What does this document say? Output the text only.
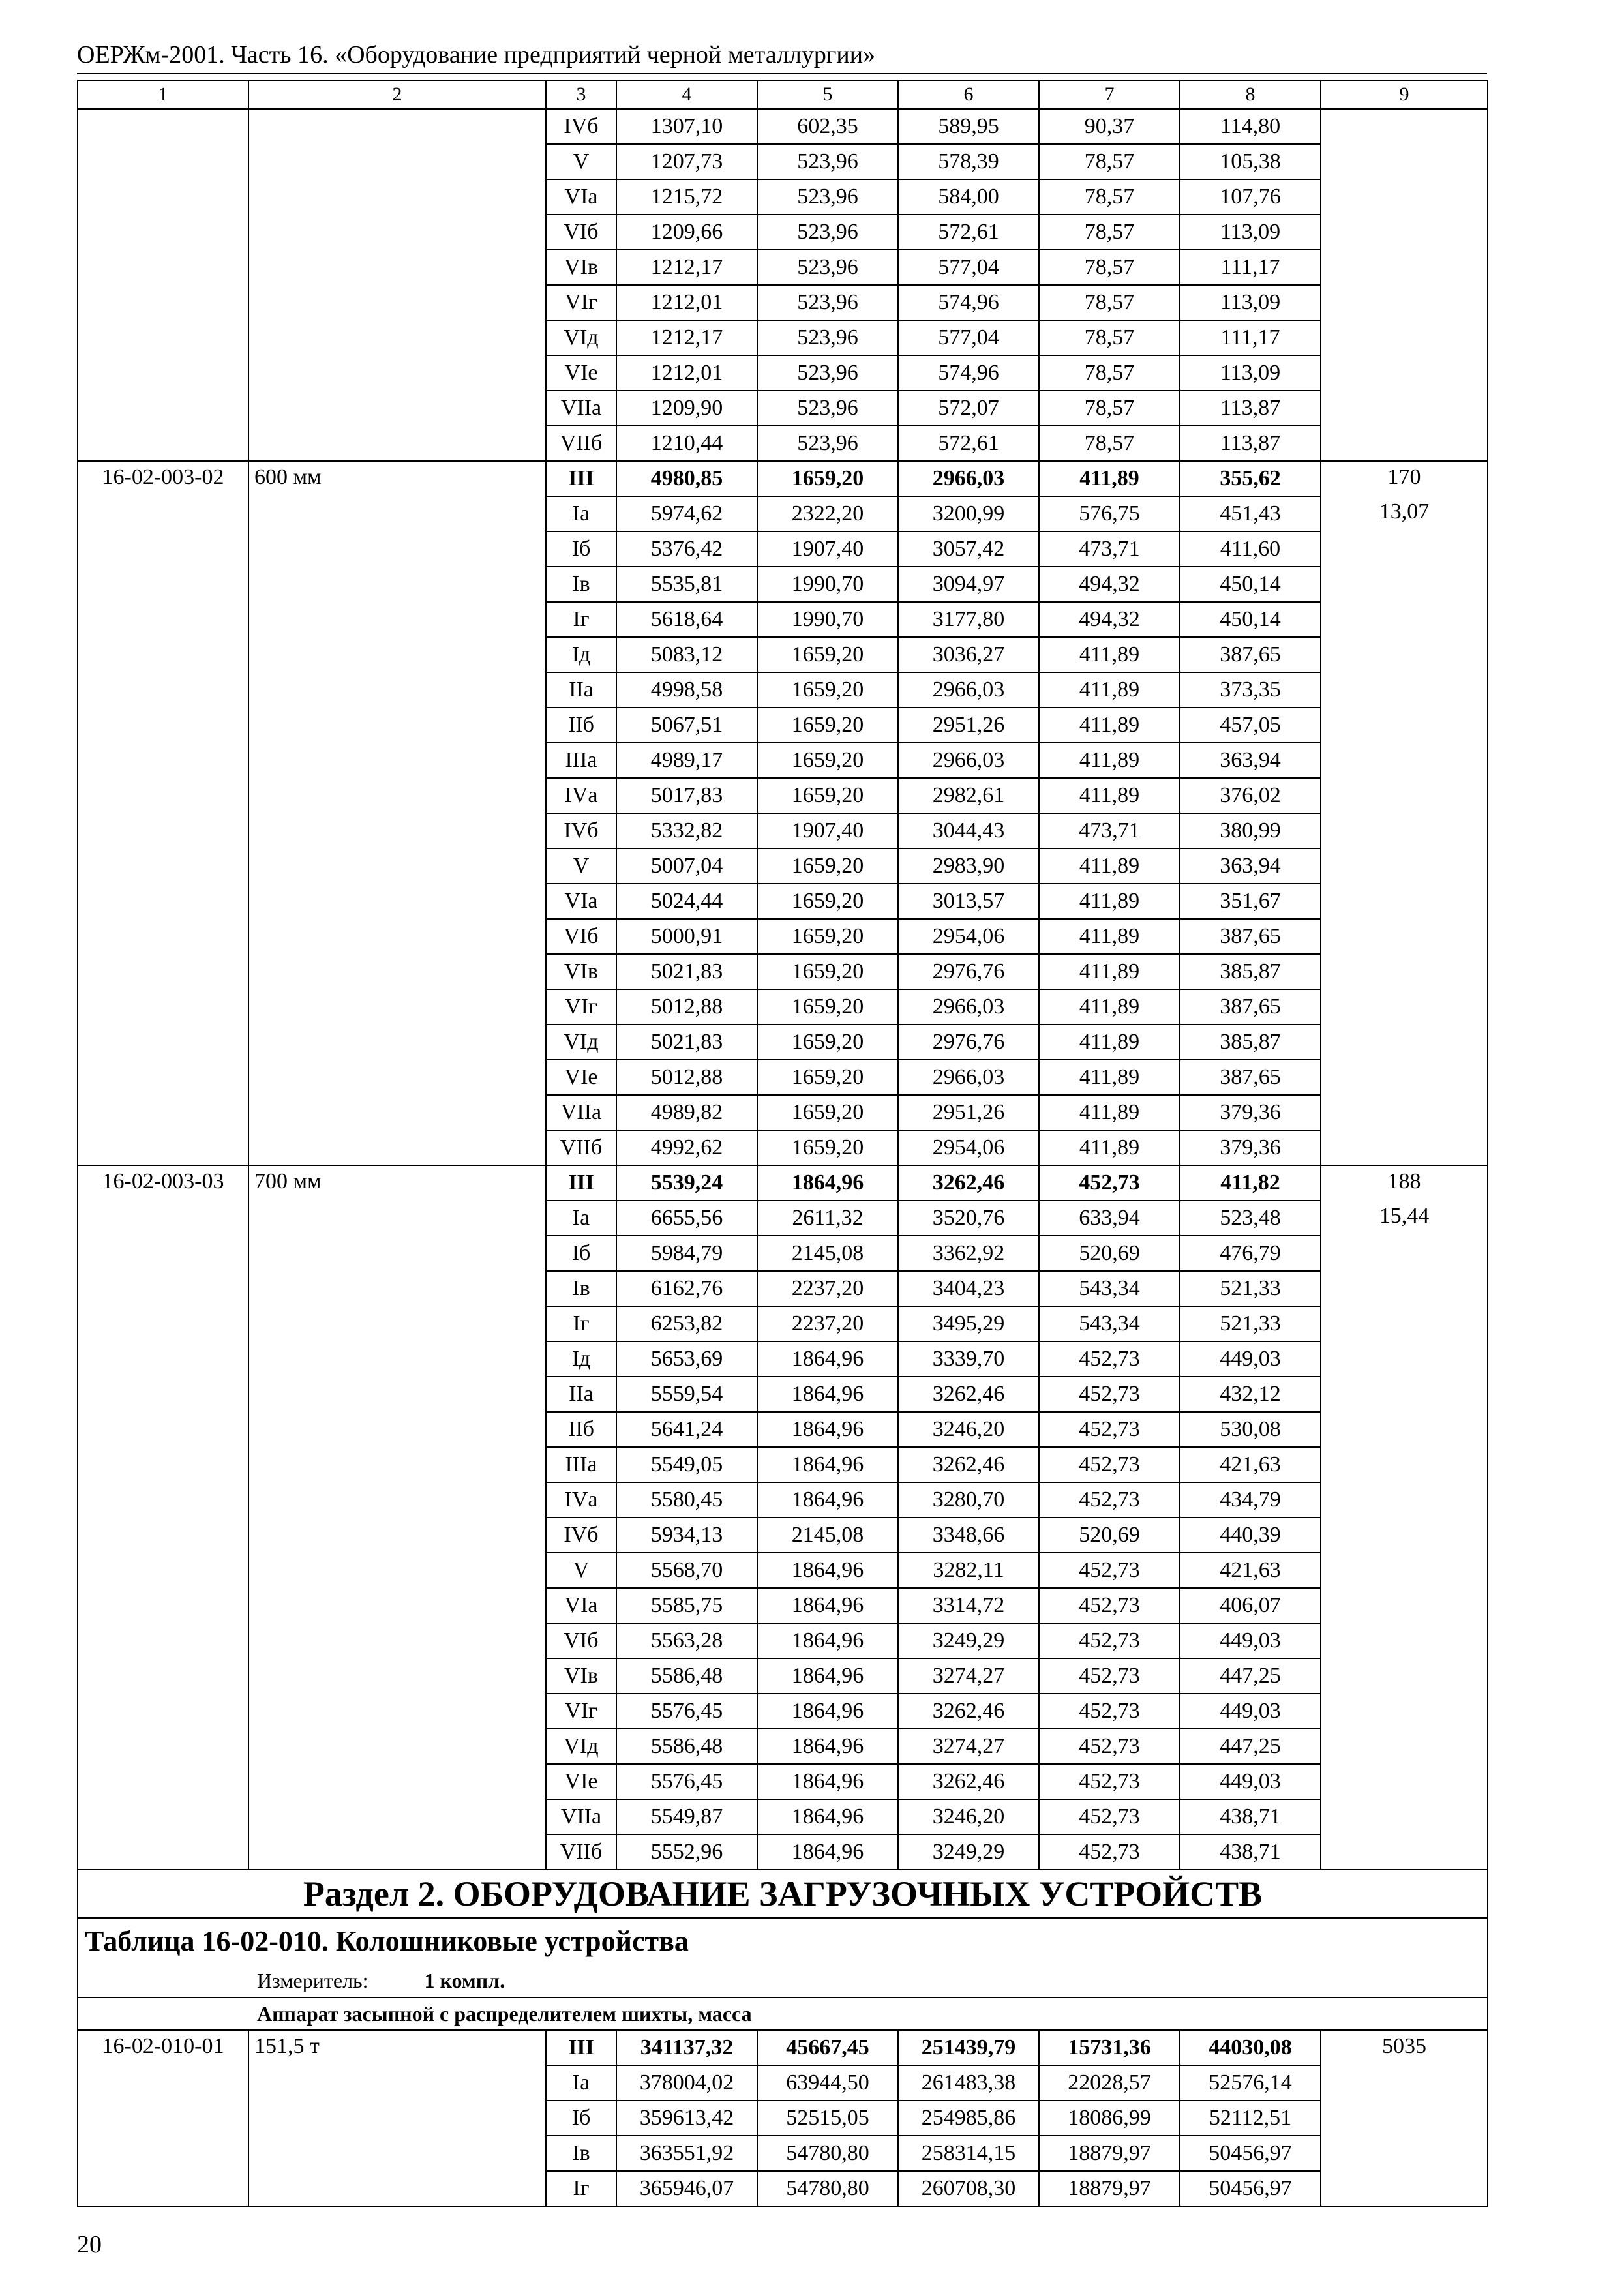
ОЕРЖм-2001. Часть 16. «Оборудование предприятий черной металлургии»
1	2	3	4	5	6	7	8	9
		IVб	1307,10	602,35	589,95	90,37	114,80	
		V	1207,73	523,96	578,39	78,57	105,38	
		VIа	1215,72	523,96	584,00	78,57	107,76	
		VIб	1209,66	523,96	572,61	78,57	113,09	
		VIв	1212,17	523,96	577,04	78,57	111,17	
		VIг	1212,01	523,96	574,96	78,57	113,09	
		VIд	1212,17	523,96	577,04	78,57	111,17	
		VIе	1212,01	523,96	574,96	78,57	113,09	
		VIIа	1209,90	523,96	572,07	78,57	113,87	
		VIIб	1210,44	523,96	572,61	78,57	113,87	
16-02-003-02	600 мм	III	4980,85	1659,20	2966,03	411,89	355,62	170
		Iа	5974,62	2322,20	3200,99	576,75	451,43	13,07
		Iб	5376,42	1907,40	3057,42	473,71	411,60	
		Iв	5535,81	1990,70	3094,97	494,32	450,14	
		Iг	5618,64	1990,70	3177,80	494,32	450,14	
		Iд	5083,12	1659,20	3036,27	411,89	387,65	
		IIа	4998,58	1659,20	2966,03	411,89	373,35	
		IIб	5067,51	1659,20	2951,26	411,89	457,05	
		IIIа	4989,17	1659,20	2966,03	411,89	363,94	
		IVа	5017,83	1659,20	2982,61	411,89	376,02	
		IVб	5332,82	1907,40	3044,43	473,71	380,99	
		V	5007,04	1659,20	2983,90	411,89	363,94	
		VIа	5024,44	1659,20	3013,57	411,89	351,67	
		VIб	5000,91	1659,20	2954,06	411,89	387,65	
		VIв	5021,83	1659,20	2976,76	411,89	385,87	
		VIг	5012,88	1659,20	2966,03	411,89	387,65	
		VIд	5021,83	1659,20	2976,76	411,89	385,87	
		VIе	5012,88	1659,20	2966,03	411,89	387,65	
		VIIа	4989,82	1659,20	2951,26	411,89	379,36	
		VIIб	4992,62	1659,20	2954,06	411,89	379,36	
16-02-003-03	700 мм	III	5539,24	1864,96	3262,46	452,73	411,82	188
		Iа	6655,56	2611,32	3520,76	633,94	523,48	15,44
		Iб	5984,79	2145,08	3362,92	520,69	476,79	
		Iв	6162,76	2237,20	3404,23	543,34	521,33	
		Iг	6253,82	2237,20	3495,29	543,34	521,33	
		Iд	5653,69	1864,96	3339,70	452,73	449,03	
		IIа	5559,54	1864,96	3262,46	452,73	432,12	
		IIб	5641,24	1864,96	3246,20	452,73	530,08	
		IIIа	5549,05	1864,96	3262,46	452,73	421,63	
		IVа	5580,45	1864,96	3280,70	452,73	434,79	
		IVб	5934,13	2145,08	3348,66	520,69	440,39	
		V	5568,70	1864,96	3282,11	452,73	421,63	
		VIа	5585,75	1864,96	3314,72	452,73	406,07	
		VIб	5563,28	1864,96	3249,29	452,73	449,03	
		VIв	5586,48	1864,96	3274,27	452,73	447,25	
		VIг	5576,45	1864,96	3262,46	452,73	449,03	
		VIд	5586,48	1864,96	3274,27	452,73	447,25	
		VIе	5576,45	1864,96	3262,46	452,73	449,03	
		VIIа	5549,87	1864,96	3246,20	452,73	438,71	
		VIIб	5552,96	1864,96	3249,29	452,73	438,71	
Раздел 2. ОБОРУДОВАНИЕ ЗАГРУЗОЧНЫХ УСТРОЙСТВ								
Таблица 16-02-010. Колошниковые устройства								
Измеритель: 1 компл.								
Аппарат засыпной с распределителем шихты, масса								
16-02-010-01	151,5 т	III	341137,32	45667,45	251439,79	15731,36	44030,08	5035
		Iа	378004,02	63944,50	261483,38	22028,57	52576,14	
		Iб	359613,42	52515,05	254985,86	18086,99	52112,51	
		Iв	363551,92	54780,80	258314,15	18879,97	50456,97	
		Iг	365946,07	54780,80	260708,30	18879,97	50456,97	
20
